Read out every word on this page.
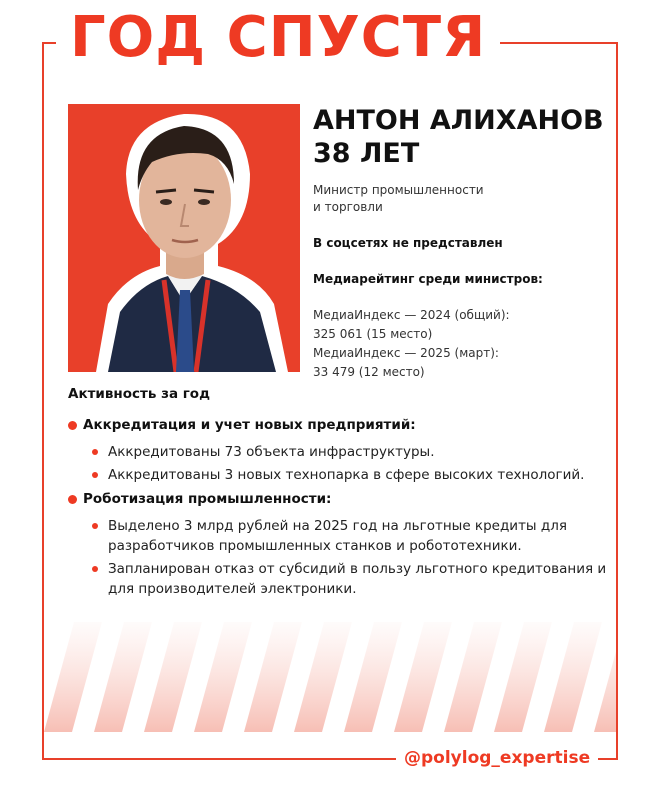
ГОД СПУСТЯ
АНТОН АЛИХАНОВ
38 ЛЕТ
Министр промышленности
и торговли
В соцсетях не представлен
Медиарейтинг среди министров:
МедиаИндекс — 2024 (общий):
325 061 (15 место)
МедиаИндекс — 2025 (март):
33 479 (12 место)
Активность за год
Аккредитация и учет новых предприятий:
Аккредитованы 73 объекта инфраструктуры.
Аккредитованы 3 новых технопарка в сфере высоких технологий.
Роботизация промышленности:
Выделено 3 млрд рублей на 2025 год на льготные кредиты для разработчиков промышленных станков и робототехники.
Запланирован отказ от субсидий в пользу льготного кредитования и для производителей электроники.
@polylog_expertise
